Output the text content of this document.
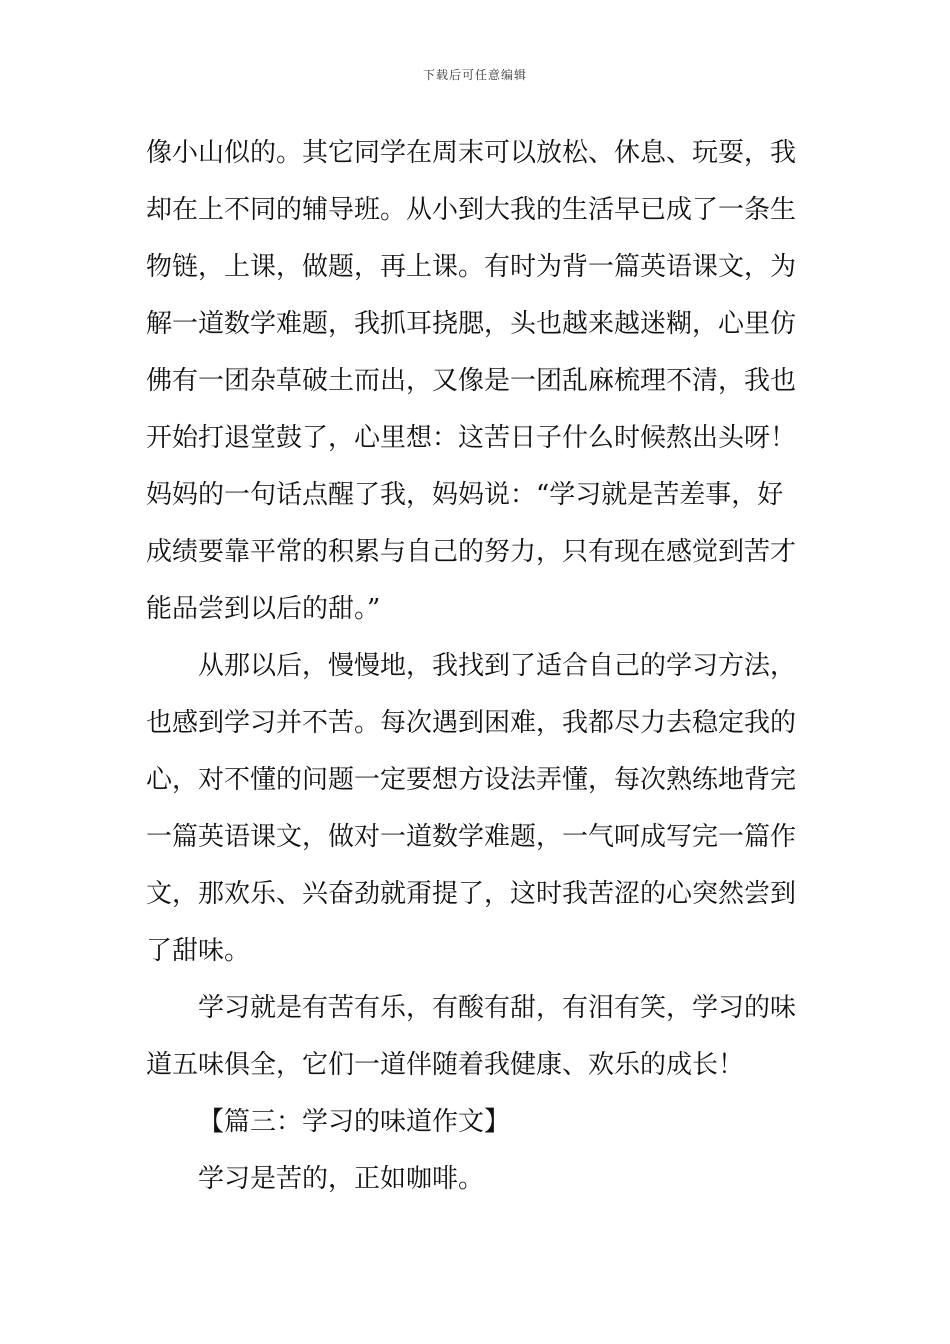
下载后可任意编辑
像小山似的。其它同学在周末可以放松、休息、玩耍，我
却在上不同的辅导班。从小到大我的生活早已成了一条生
物链，上课，做题，再上课。有时为背一篇英语课文，为
解一道数学难题，我抓耳挠腮，头也越来越迷糊，心里仿
佛有一团杂草破土而出，又像是一团乱麻梳理不清，我也
开始打退堂鼓了，心里想：这苦日子什么时候熬出头呀！
妈妈的一句话点醒了我，妈妈说：“学习就是苦差事，好
成绩要靠平常的积累与自己的努力，只有现在感觉到苦才
能品尝到以后的甜。”
从那以后，慢慢地，我找到了适合自己的学习方法，
也感到学习并不苦。每次遇到困难，我都尽力去稳定我的
心，对不懂的问题一定要想方设法弄懂，每次熟练地背完
一篇英语课文，做对一道数学难题，一气呵成写完一篇作
文，那欢乐、兴奋劲就甭提了，这时我苦涩的心突然尝到
了甜味。
学习就是有苦有乐，有酸有甜，有泪有笑，学习的味
道五味俱全，它们一道伴随着我健康、欢乐的成长！
【篇三：学习的味道作文】
学习是苦的，正如咖啡。
